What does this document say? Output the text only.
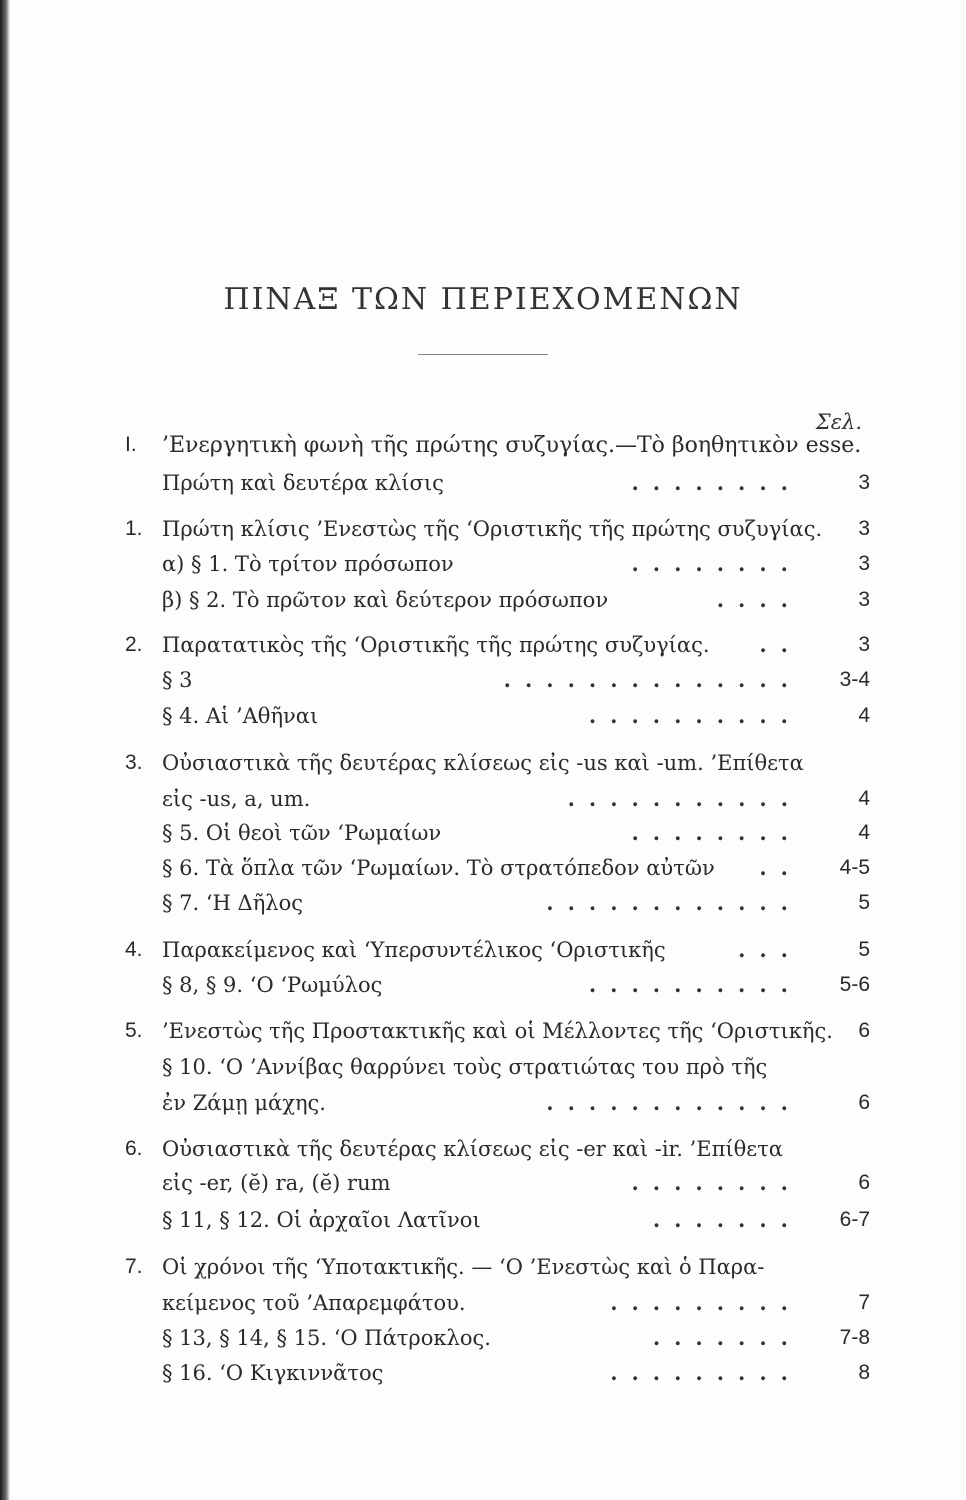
ΠΙΝΑΞ ΤΩΝ ΠΕΡΙΕΧΟΜΕΝΩΝ
Σελ.
I. ’Ενεργητικὴ φωνὴ τῆς πρώτης συζυγίας.—Τὸ βοηθητικὸν esse.
Πρώτη καὶ δευτέρα κλίσις	........	3
1. Πρώτη κλίσις ’Ενεστὼς τῆς ‘Οριστικῆς τῆς πρώτης συζυγίας.	3
α) § 1. Τὸ τρίτον πρόσωπον	........	3
β) § 2. Τὸ πρῶτον καὶ δεύτερον πρόσωπον	....	3
2. Παρατατικὸς τῆς ‘Οριστικῆς τῆς πρώτης συζυγίας.	..	3
§ 3	..............	3-4
§ 4. Αἱ ’Αθῆναι	..........	4
3. Οὐσιαστικὰ τῆς δευτέρας κλίσεως εἰς -us καὶ -um. ’Επίθετα
εἰς -us, a, um.	...........	4
§ 5. Οἱ θεοὶ τῶν ‘Ρωμαίων	........	4
§ 6. Τὰ ὅπλα τῶν ‘Ρωμαίων. Τὸ στρατόπεδον αὐτῶν	..	4-5
§ 7. ‘Η Δῆλος	............	5
4. Παρακείμενος καὶ ‘Υπερσυντέλικος ‘Οριστικῆς	...	5
§ 8, § 9. ‘Ο ‘Ρωμύλος	..........	5-6
5. ’Ενεστὼς τῆς Προστακτικῆς καὶ οἱ Μέλλοντες τῆς ‘Οριστικῆς.	6
§ 10. ‘Ο ’Αννίβας θαρρύνει τοὺς στρατιώτας του πρὸ τῆς
ἐν Ζάμῃ μάχης.	............	6
6. Οὐσιαστικὰ τῆς δευτέρας κλίσεως εἰς -er καὶ -ir. ’Επίθετα
εἰς -er, (ĕ) ra, (ĕ) rum	........	6
§ 11, § 12. Οἱ ἀρχαῖοι Λατῖνοι	.......	6-7
7. Οἱ χρόνοι τῆς ‘Υποτακτικῆς. — ‘Ο ’Ενεστὼς καὶ ὁ Παρα-
κείμενος τοῦ ’Απαρεμφάτου.	.........	7
§ 13, § 14, § 15. ‘Ο Πάτροκλος.	.......	7-8
§ 16. ‘Ο Κιγκιννᾶτος	.........	8
